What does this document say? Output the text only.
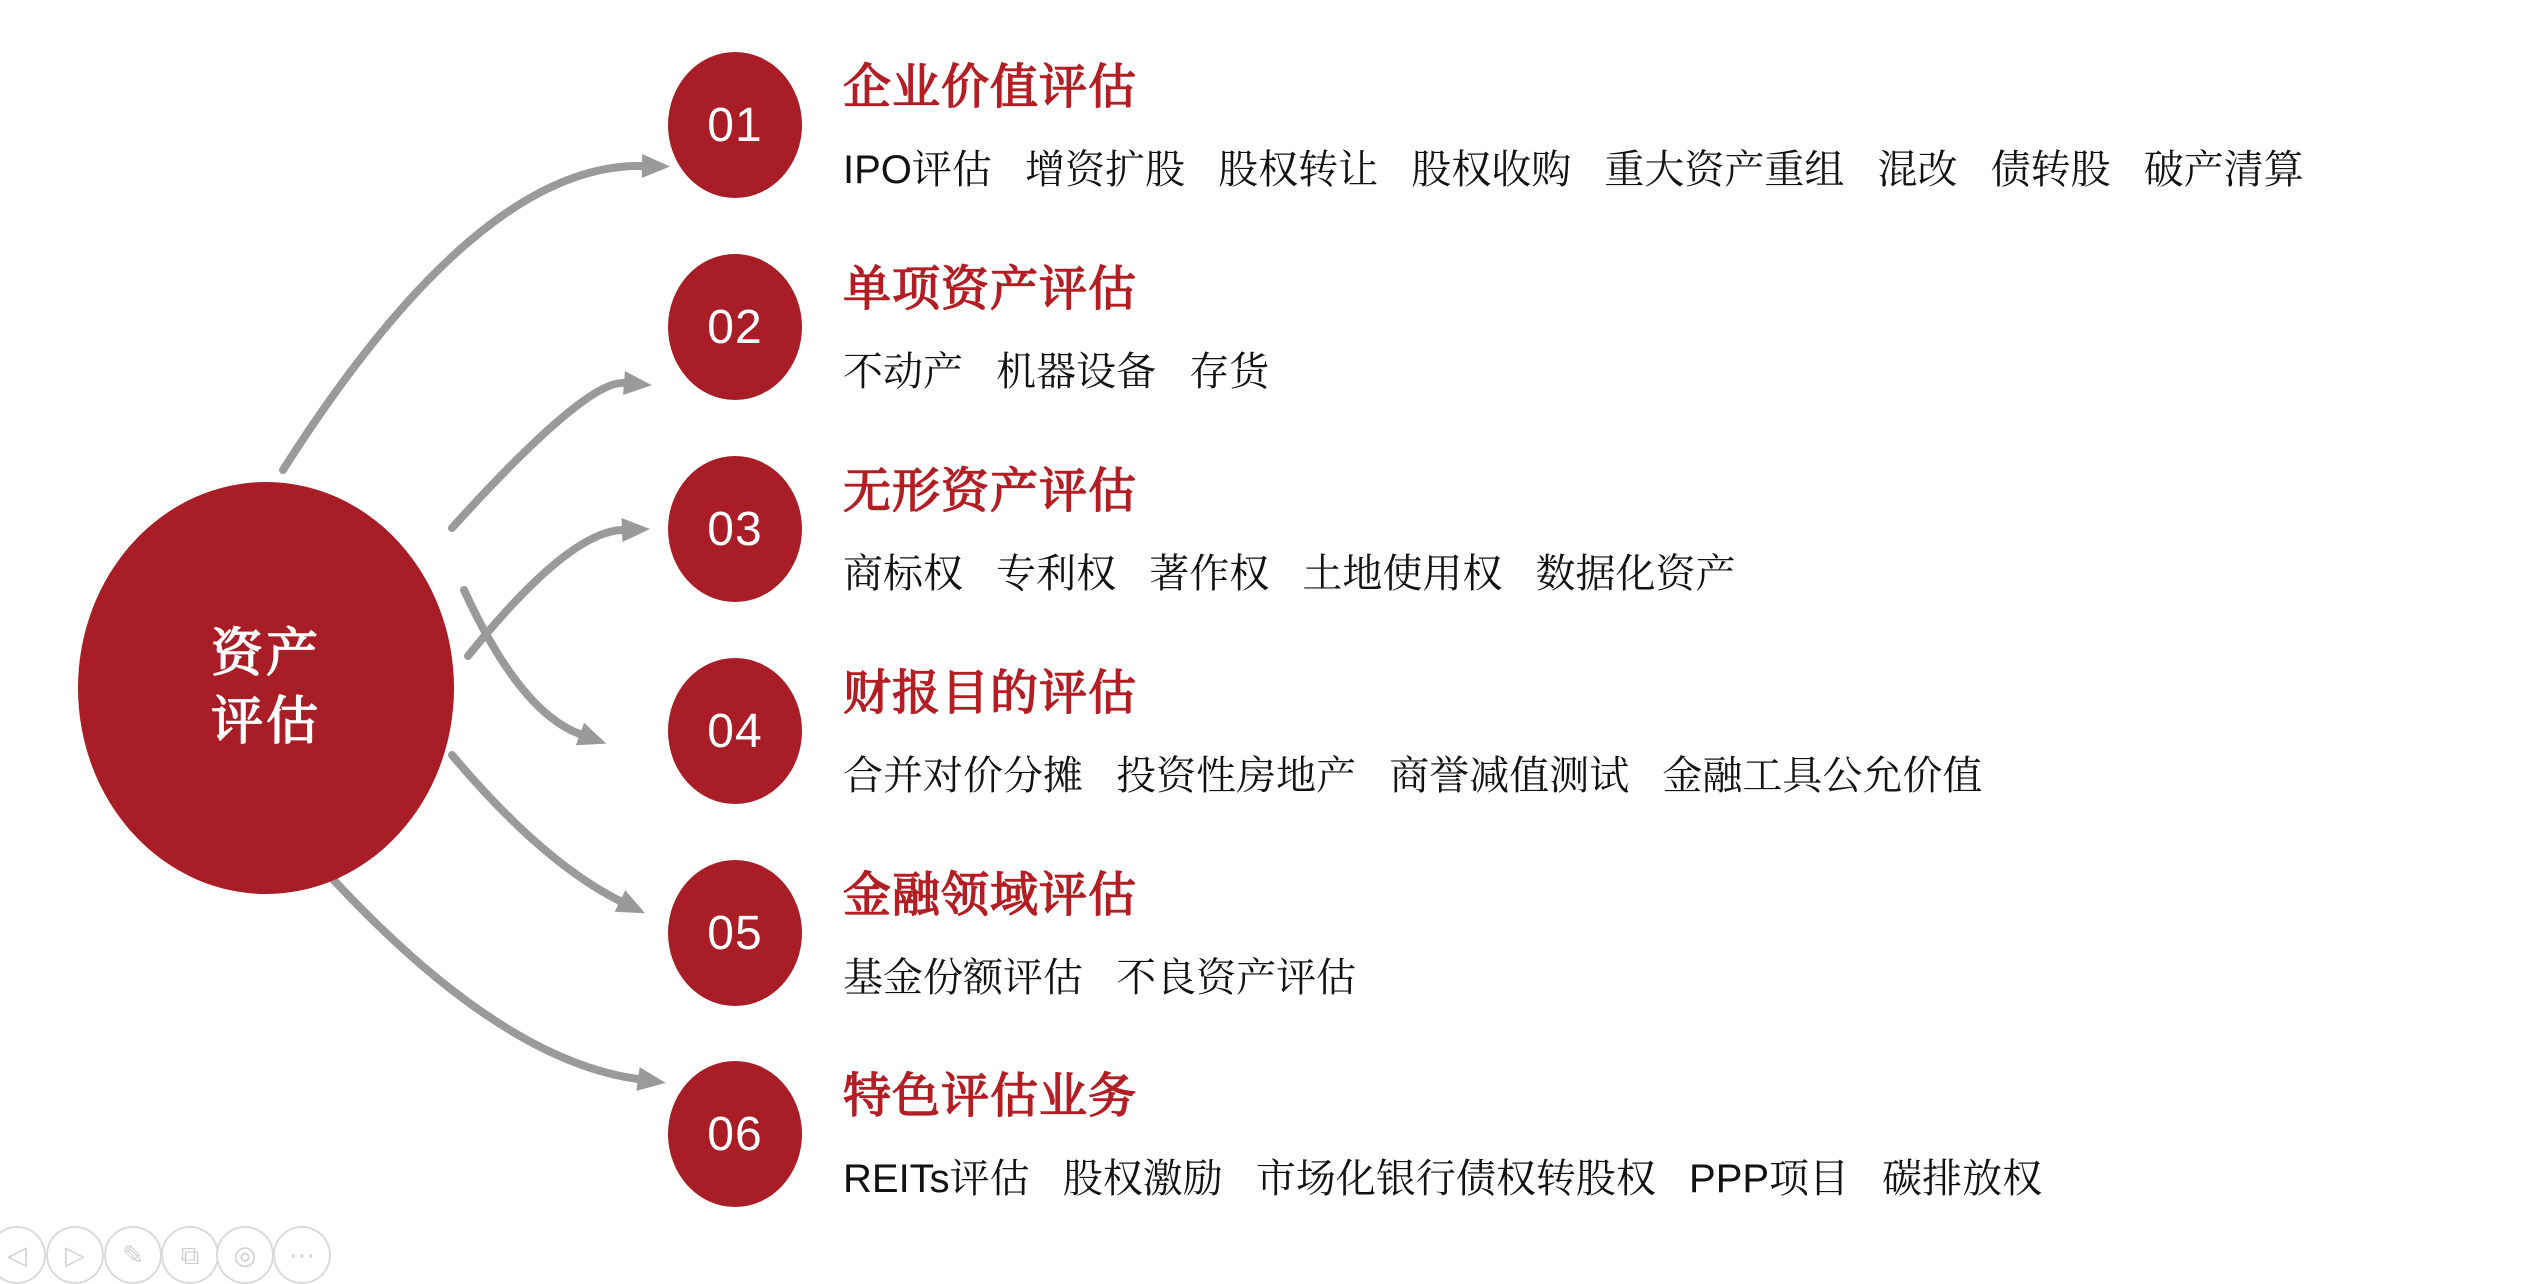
资产
评估
01
企业价值评估
IPO评估 增资扩股 股权转让 股权收购 重大资产重组 混改 债转股 破产清算
02
单项资产评估
不动产 机器设备 存货
03
无形资产评估
商标权 专利权 著作权 土地使用权 数据化资产
04
财报目的评估
合并对价分摊 投资性房地产 商誉减值测试 金融工具公允价值
05
金融领域评估
基金份额评估 不良资产评估
06
特色评估业务
REITs评估 股权激励 市场化银行债权转股权 PPP项目 碳排放权
◁ ▷ ✎ ⧉ ◎ ⋯
